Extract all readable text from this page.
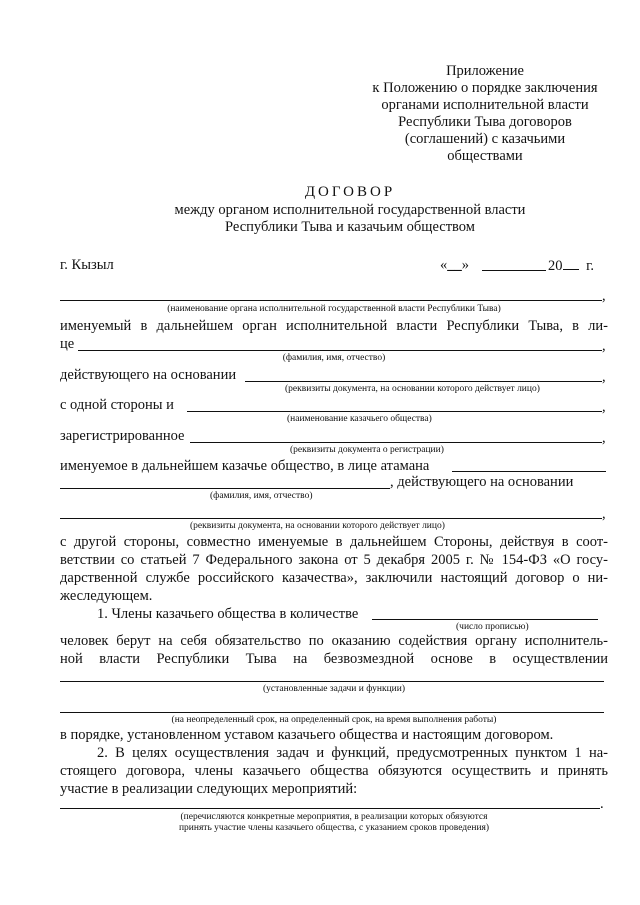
Приложение
к Положению о порядке заключения
органами исполнительной власти
Республики Тыва договоров
(соглашений) с казачьими
обществами
ДОГОВОР
между органом исполнительной государственной власти
Республики Тыва и казачьим обществом
г. Кызыл	«__»	20 г.
,
(наименование органа исполнительной государственной власти Республики Тыва)
именуемый в дальнейшем орган исполнительной власти Республики Тыва, в ли-
це	,
(фамилия, имя, отчество)
действующего на основании	,
(реквизиты документа, на основании которого действует лицо)
с одной стороны и	,
(наименование казачьего общества)
зарегистрированное	,
(реквизиты документа о регистрации)
именуемое в дальнейшем казачье общество, в лице атамана
, действующего на основании
(фамилия, имя, отчество)
,
(реквизиты документа, на основании которого действует лицо)
с другой стороны, совместно именуемые в дальнейшем Стороны, действуя в соот-
ветствии со статьей 7 Федерального закона от 5 декабря 2005 г. № 154-ФЗ «О госу-
дарственной службе российского казачества», заключили настоящий договор о ни-
жеследующем.
1. Члены казачьего общества в количестве
(число прописью)
человек берут на себя обязательство по оказанию содействия органу исполнитель-
ной власти Республики Тыва на безвозмездной основе в осуществлении
(установленные задачи и функции)
(на неопределенный срок, на определенный срок, на время выполнения работы)
в порядке, установленном уставом казачьего общества и настоящим договором.
2. В целях осуществления задач и функций, предусмотренных пунктом 1 на-
стоящего договора, члены казачьего общества обязуются осуществить и принять
участие в реализации следующих мероприятий:
.
(перечисляются конкретные мероприятия, в реализации которых обязуются
принять участие члены казачьего общества, с указанием сроков проведения)
